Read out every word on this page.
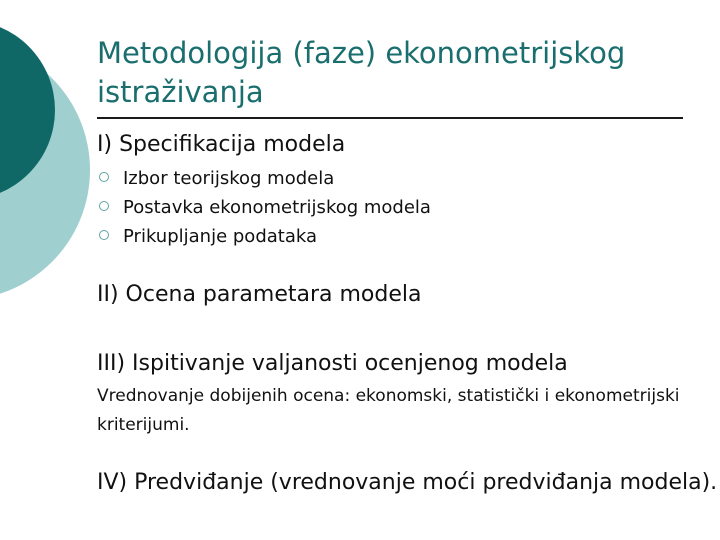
Metodologija (faze) ekonometrijskog istraživanja
I) Specifikacija modela
Izbor teorijskog modela
Postavka ekonometrijskog modela
Prikupljanje podataka
II) Ocena parametara modela
III) Ispitivanje valjanosti ocenjenog modela

Vrednovanje dobijenih ocena: ekonomski, statistički i ekonometrijski kriterijumi.

IV) Predviđanje (vrednovanje moći predviđanja modela).
